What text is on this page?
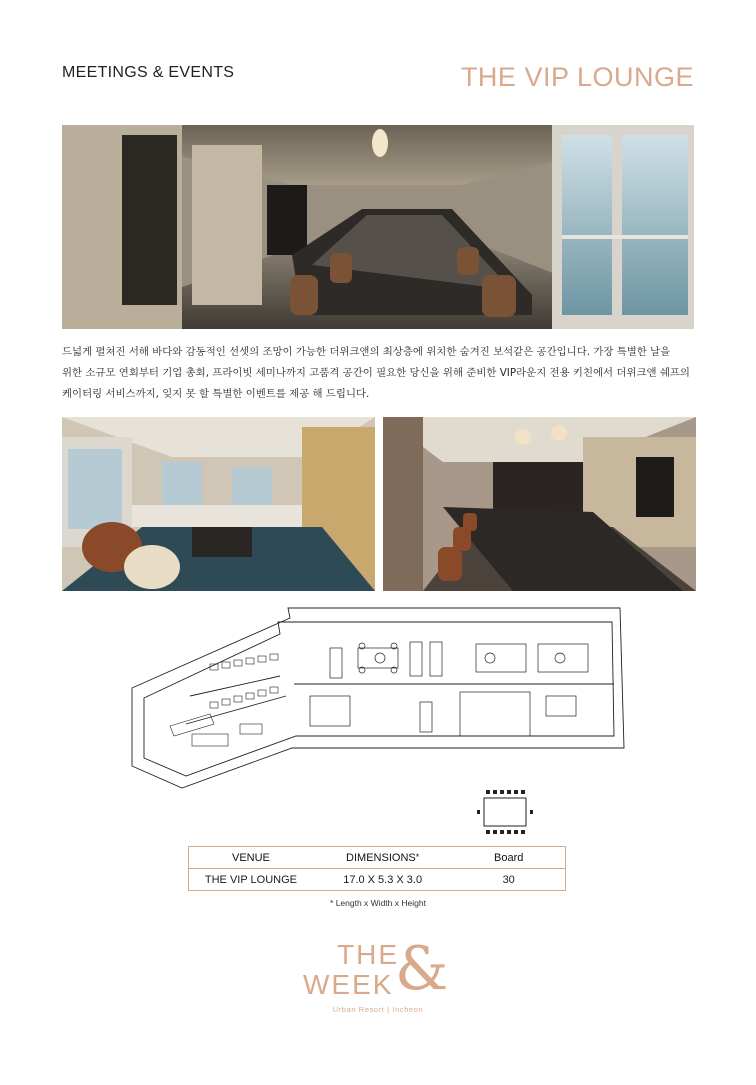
MEETINGS & EVENTS	THE VIP LOUNGE

드넓게 펼쳐진 서해 바다와 감동적인 선셋의 조망이 가능한 더위크앤의 최상층에 위치한 숨겨진 보석같은 공간입니다. 가장 특별한 날을

위한 소규모 연회부터 기업 총회, 프라이빗 세미나까지 고품격 공간이 필요한 당신을 위해 준비한 VIP라운지 전용 키친에서 더위크앤 쉐프의

케이터링 서비스까지, 잊지 못 할 특별한 이벤트를 제공 해 드립니다.

VENUE	DIMENSIONS*	Board
THE VIP LOUNGE	17.0 X 5.3 X 3.0	30
* Length x Width x Height
THE
WEEK &
Urban Resort | Incheon
